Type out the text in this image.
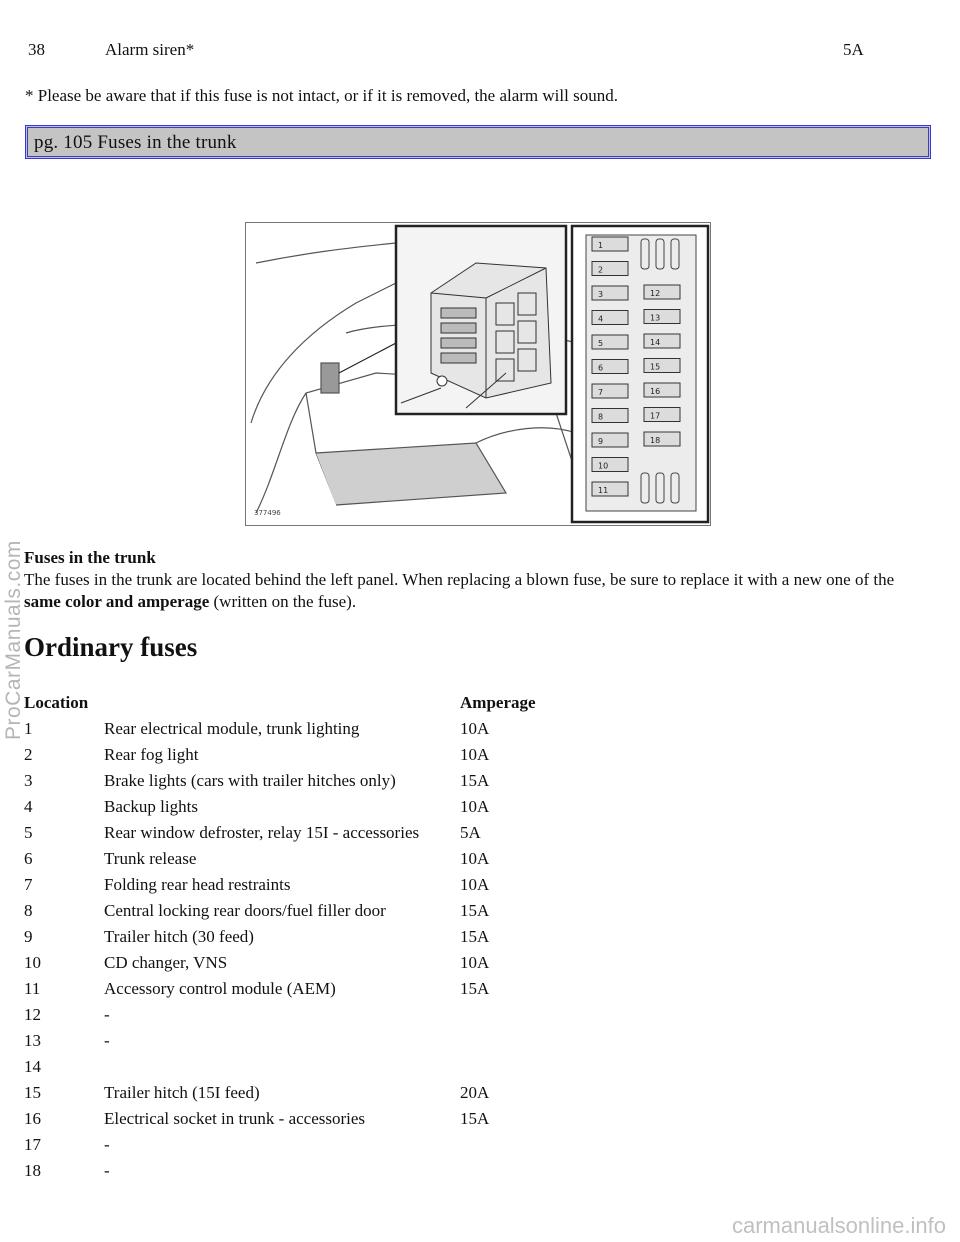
38	Alarm siren*	5A
* Please be aware that if this fuse is not intact, or if it is removed, the alarm will sound.
pg. 105 Fuses in the trunk
377496
1
2
3
4
5
6
7
8
9
10
11
12
13
14
15
16
17
18
Fuses in the trunk
The fuses in the trunk are located behind the left panel. When replacing a blown fuse, be sure to replace it with a new one of the same color and amperage (written on the fuse).
Ordinary fuses
Location		Amperage
1	Rear electrical module, trunk lighting	10A
2	Rear fog light	10A
3	Brake lights (cars with trailer hitches only)	15A
4	Backup lights	10A
5	Rear window defroster, relay 15I - accessories	5A
6	Trunk release	10A
7	Folding rear head restraints	10A
8	Central locking rear doors/fuel filler door	15A
9	Trailer hitch (30 feed)	15A
10	CD changer, VNS	10A
11	Accessory control module (AEM)	15A
12	-	
13	-	
14		
15	Trailer hitch (15I feed)	20A
16	Electrical socket in trunk - accessories	15A
17	-	
18	-	
ProCarManuals.com
carmanualsonline.info
